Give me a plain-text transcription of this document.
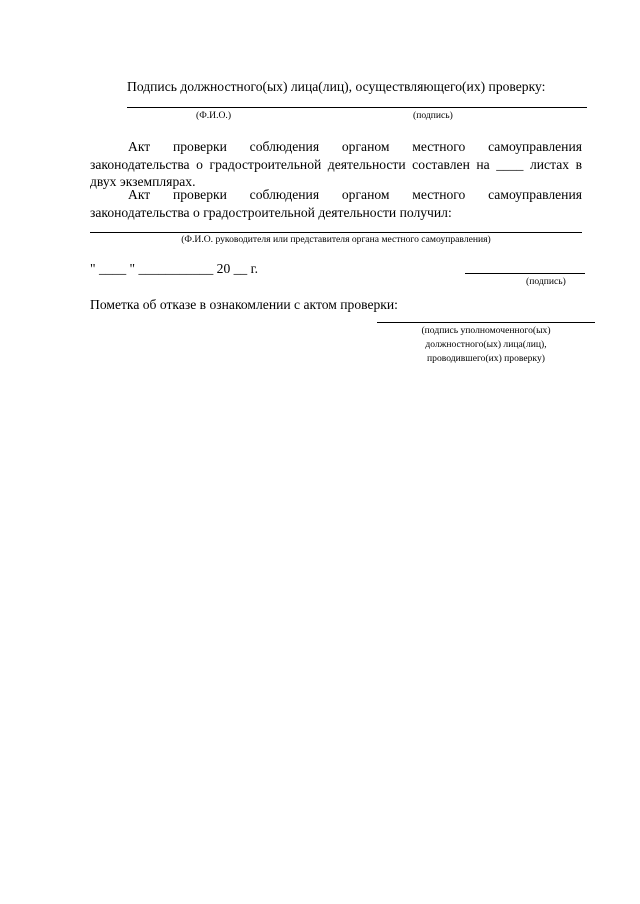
Подпись должностного(ых) лица(лиц), осуществляющего(их) проверку:
(Ф.И.О.)	(подпись)
Акт проверки соблюдения органом местного самоуправления законодательства о градостроительной деятельности составлен на ____ листах в двух экземплярах.
Акт проверки соблюдения органом местного самоуправления законодательства о градостроительной деятельности получил:
(Ф.И.О. руководителя или представителя органа местного самоуправления)
" ____ " ___________ 20 __ г.
(подпись)
Пометка об отказе в ознакомлении с актом проверки:
(подпись уполномоченного(ых)
должностного(ых) лица(лиц),
проводившего(их) проверку)
